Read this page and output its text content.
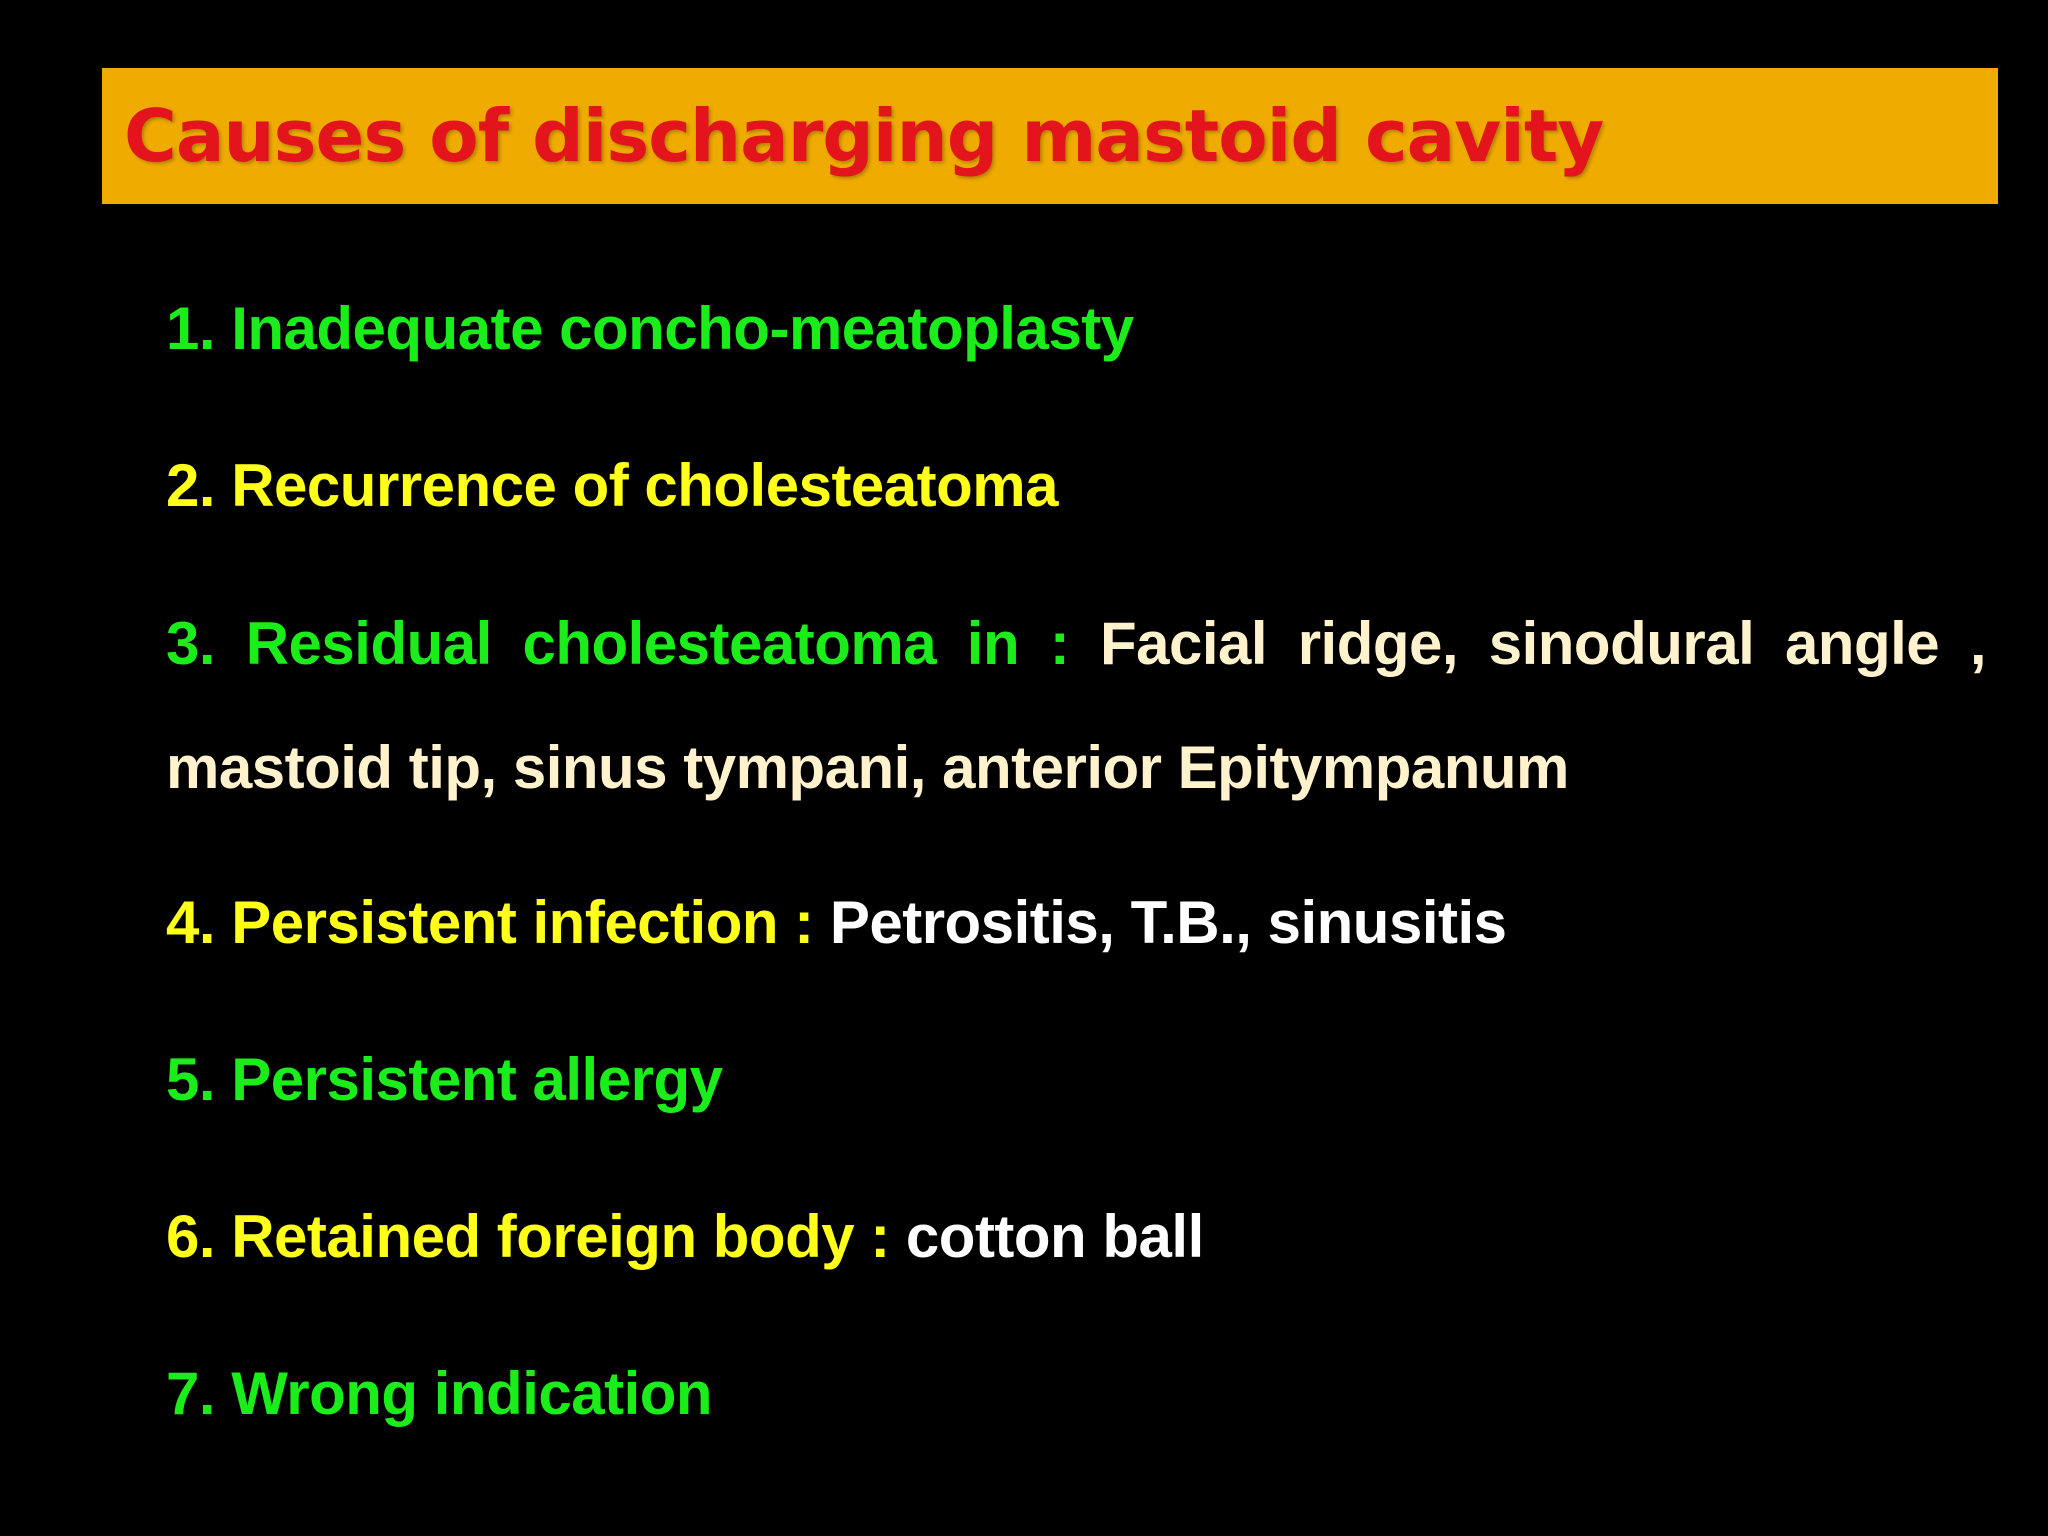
Causes of discharging mastoid cavity
1. Inadequate concho-meatoplasty
2. Recurrence of cholesteatoma
3. Residual cholesteatoma in : Facial ridge, sinodural angle , mastoid tip, sinus tympani, anterior Epitympanum
4. Persistent infection : Petrositis, T.B., sinusitis
5. Persistent allergy
6. Retained foreign body : cotton ball
7. Wrong indication
